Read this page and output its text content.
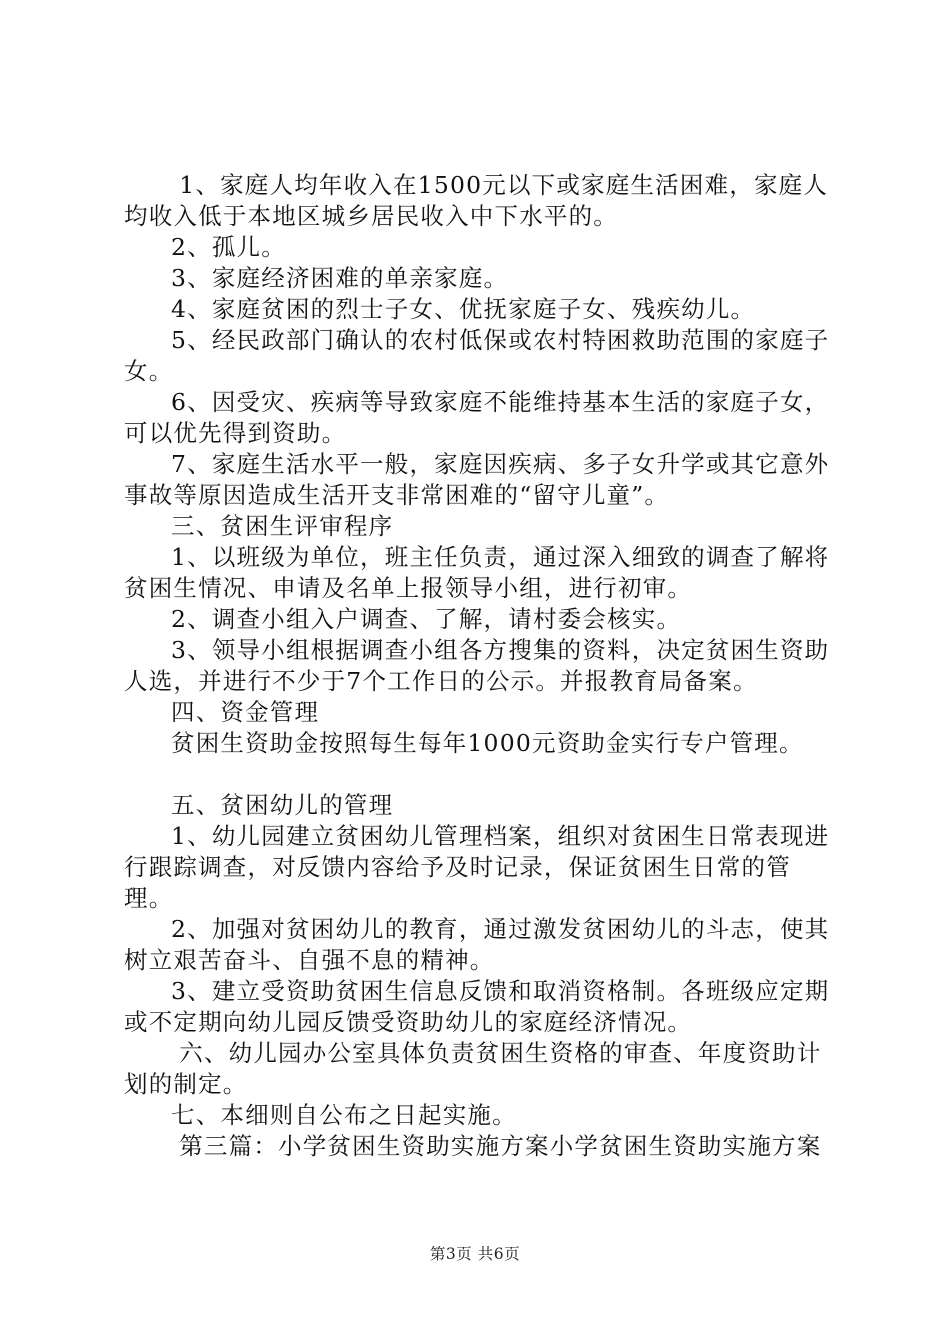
1、家庭人均年收入在1500元以下或家庭生活困难，家庭人均收入低于本地区城乡居民收入中下水平的。

2、孤儿。

3、家庭经济困难的单亲家庭。

4、家庭贫困的烈士子女、优抚家庭子女、残疾幼儿。

5、经民政部门确认的农村低保或农村特困救助范围的家庭子女。

6、因受灾、疾病等导致家庭不能维持基本生活的家庭子女，可以优先得到资助。

7、家庭生活水平一般，家庭因疾病、多子女升学或其它意外事故等原因造成生活开支非常困难的“留守儿童”。

三、贫困生评审程序

1、以班级为单位，班主任负责，通过深入细致的调查了解将贫困生情况、申请及名单上报领导小组，进行初审。

2、调查小组入户调查、了解，请村委会核实。

3、领导小组根据调查小组各方搜集的资料，决定贫困生资助人选，并进行不少于7个工作日的公示。并报教育局备案。

四、资金管理

贫困生资助金按照每生每年1000元资助金实行专户管理。

五、贫困幼儿的管理

1、幼儿园建立贫困幼儿管理档案，组织对贫困生日常表现进行跟踪调查，对反馈内容给予及时记录，保证贫困生日常的管理。

2、加强对贫困幼儿的教育，通过激发贫困幼儿的斗志，使其树立艰苦奋斗、自强不息的精神。

3、建立受资助贫困生信息反馈和取消资格制。各班级应定期或不定期向幼儿园反馈受资助幼儿的家庭经济情况。

六、幼儿园办公室具体负责贫困生资格的审查、年度资助计划的制定。

七、本细则自公布之日起实施。

第三篇：小学贫困生资助实施方案小学贫困生资助实施方案

第3页 共6页
